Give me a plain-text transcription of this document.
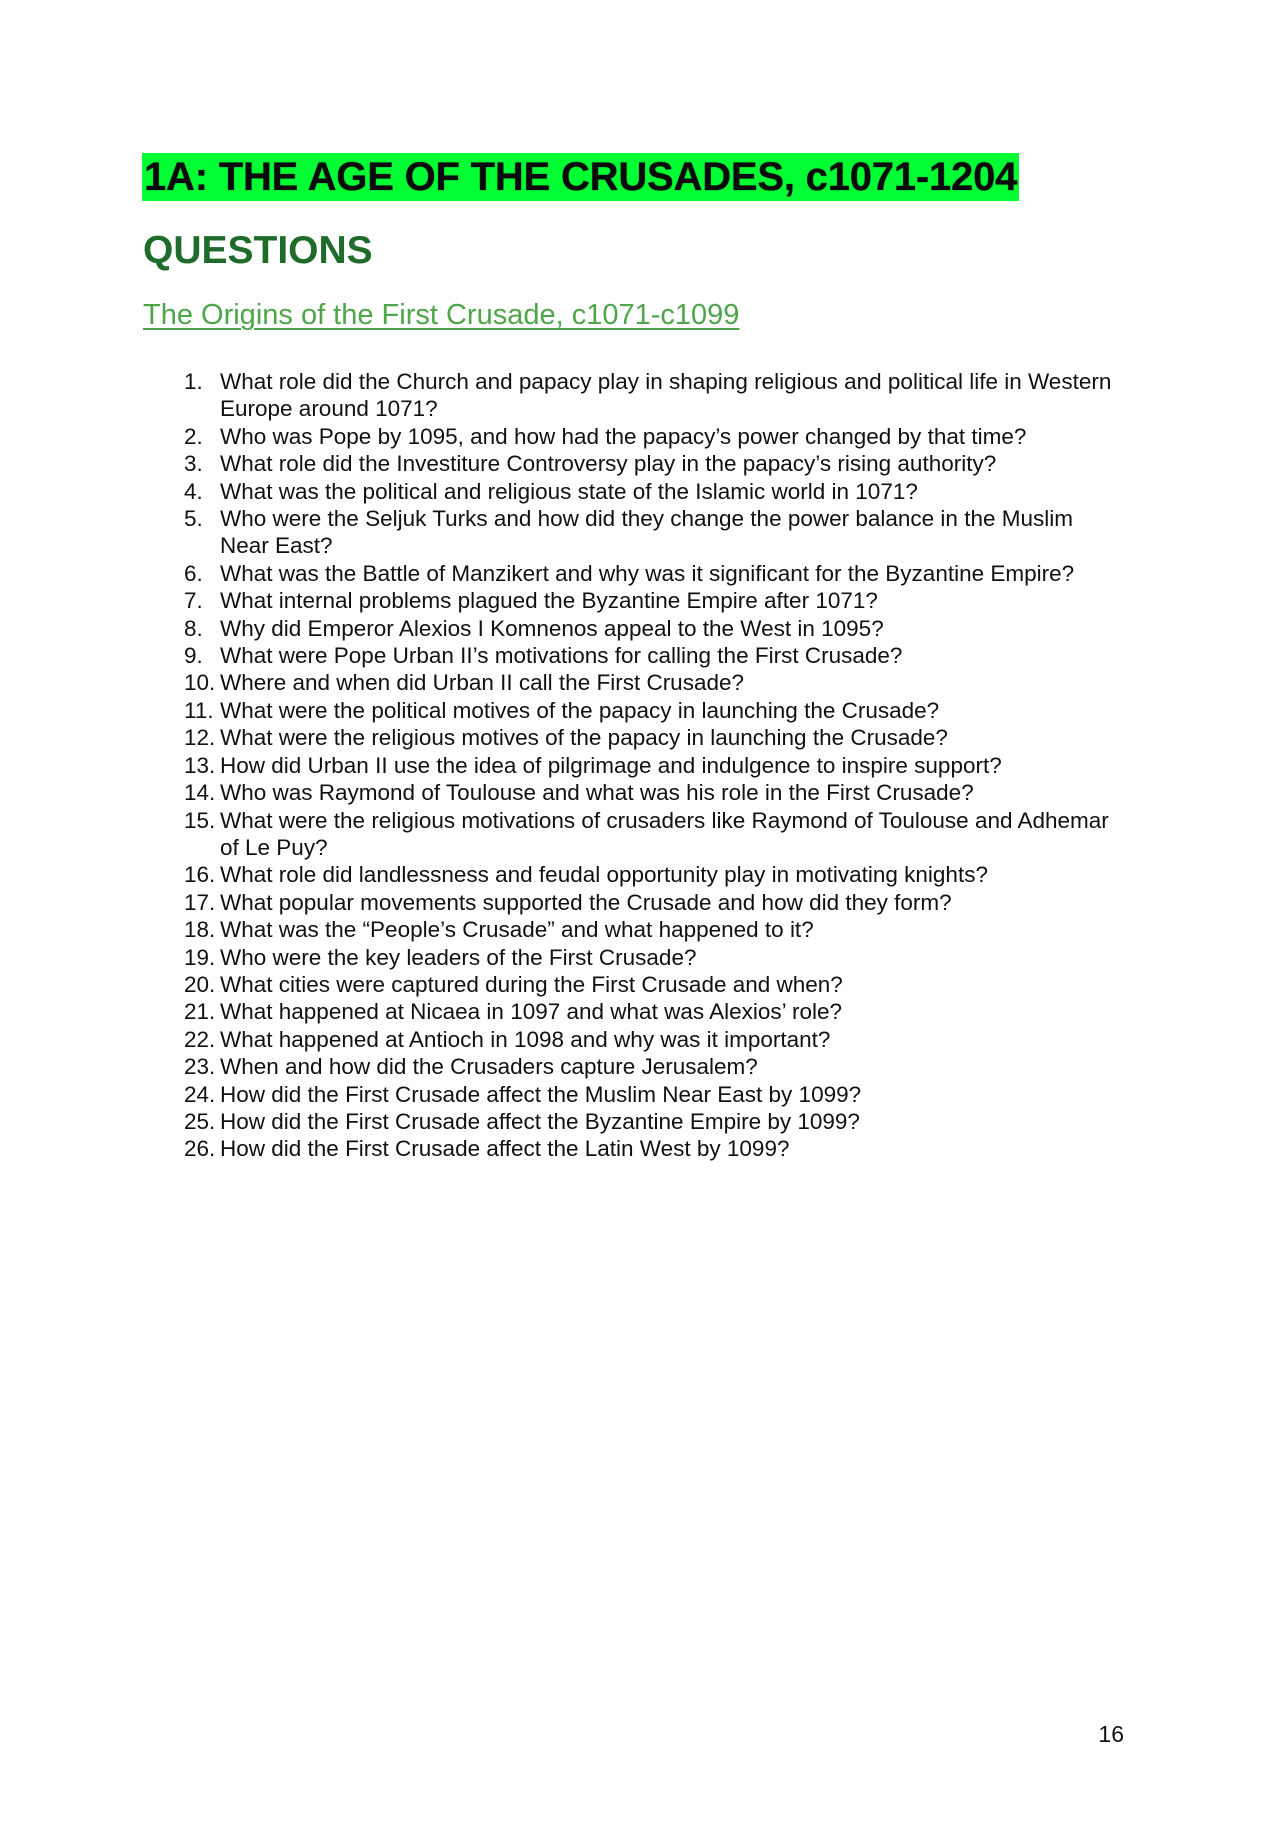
1A: THE AGE OF THE CRUSADES, c1071-1204
QUESTIONS
The Origins of the First Crusade, c1071-c1099
1. What role did the Church and papacy play in shaping religious and political life in Western Europe around 1071?
2. Who was Pope by 1095, and how had the papacy’s power changed by that time?
3. What role did the Investiture Controversy play in the papacy’s rising authority?
4. What was the political and religious state of the Islamic world in 1071?
5. Who were the Seljuk Turks and how did they change the power balance in the Muslim Near East?
6. What was the Battle of Manzikert and why was it significant for the Byzantine Empire?
7. What internal problems plagued the Byzantine Empire after 1071?
8. Why did Emperor Alexios I Komnenos appeal to the West in 1095?
9. What were Pope Urban II’s motivations for calling the First Crusade?
10. Where and when did Urban II call the First Crusade?
11. What were the political motives of the papacy in launching the Crusade?
12. What were the religious motives of the papacy in launching the Crusade?
13. How did Urban II use the idea of pilgrimage and indulgence to inspire support?
14. Who was Raymond of Toulouse and what was his role in the First Crusade?
15. What were the religious motivations of crusaders like Raymond of Toulouse and Adhemar of Le Puy?
16. What role did landlessness and feudal opportunity play in motivating knights?
17. What popular movements supported the Crusade and how did they form?
18. What was the “People’s Crusade” and what happened to it?
19. Who were the key leaders of the First Crusade?
20. What cities were captured during the First Crusade and when?
21. What happened at Nicaea in 1097 and what was Alexios’ role?
22. What happened at Antioch in 1098 and why was it important?
23. When and how did the Crusaders capture Jerusalem?
24. How did the First Crusade affect the Muslim Near East by 1099?
25. How did the First Crusade affect the Byzantine Empire by 1099?
26. How did the First Crusade affect the Latin West by 1099?
16
